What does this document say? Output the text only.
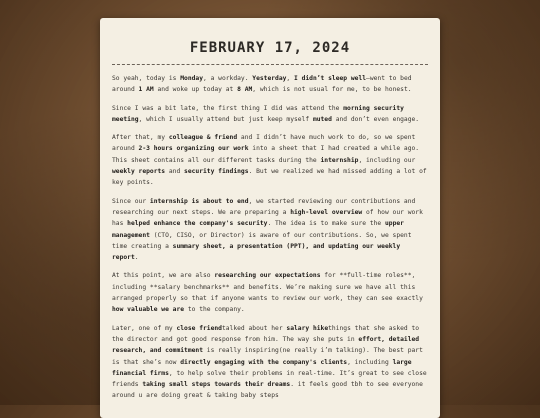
FEBRUARY 17, 2024

So yeah, today is Monday, a workday. Yesterday, I didn’t sleep well—went to bed around 1 AM and woke up today at 8 AM, which is not usual for me, to be honest.

Since I was a bit late, the first thing I did was attend the morning security meeting, which I usually attend but just keep myself muted and don’t even engage.

After that, my colleague & friend and I didn’t have much work to do, so we spent around 2-3 hours organizing our work into a sheet that I had created a while ago. This sheet contains all our different tasks during the internship, including our weekly reports and security findings. But we realized we had missed adding a lot of key points.

Since our internship is about to end, we started reviewing our contributions and researching our next steps. We are preparing a high-level overview of how our work has helped enhance the company's security. The idea is to make sure the upper management (CTO, CISO, or Director) is aware of our contributions. So, we spent time creating a summary sheet, a presentation (PPT), and updating our weekly report.

At this point, we are also researching our expectations for **full-time roles**, including **salary benchmarks** and benefits. We’re making sure we have all this arranged properly so that if anyone wants to review our work, they can see exactly how valuable we are to the company.

Later, one of my close friendtalked about her salary hikethings that she asked to the director and got good response from him. The way she puts in effort, detailed research, and commitment is really inspiring(ne really i’m talking). The best part is that she’s now directly engaging with the company's clients, including large financial firms, to help solve their problems in real-time. It’s great to see close friends taking small steps towards their dreams. it feels good tbh to see everyone around u are doing great & taking baby steps
